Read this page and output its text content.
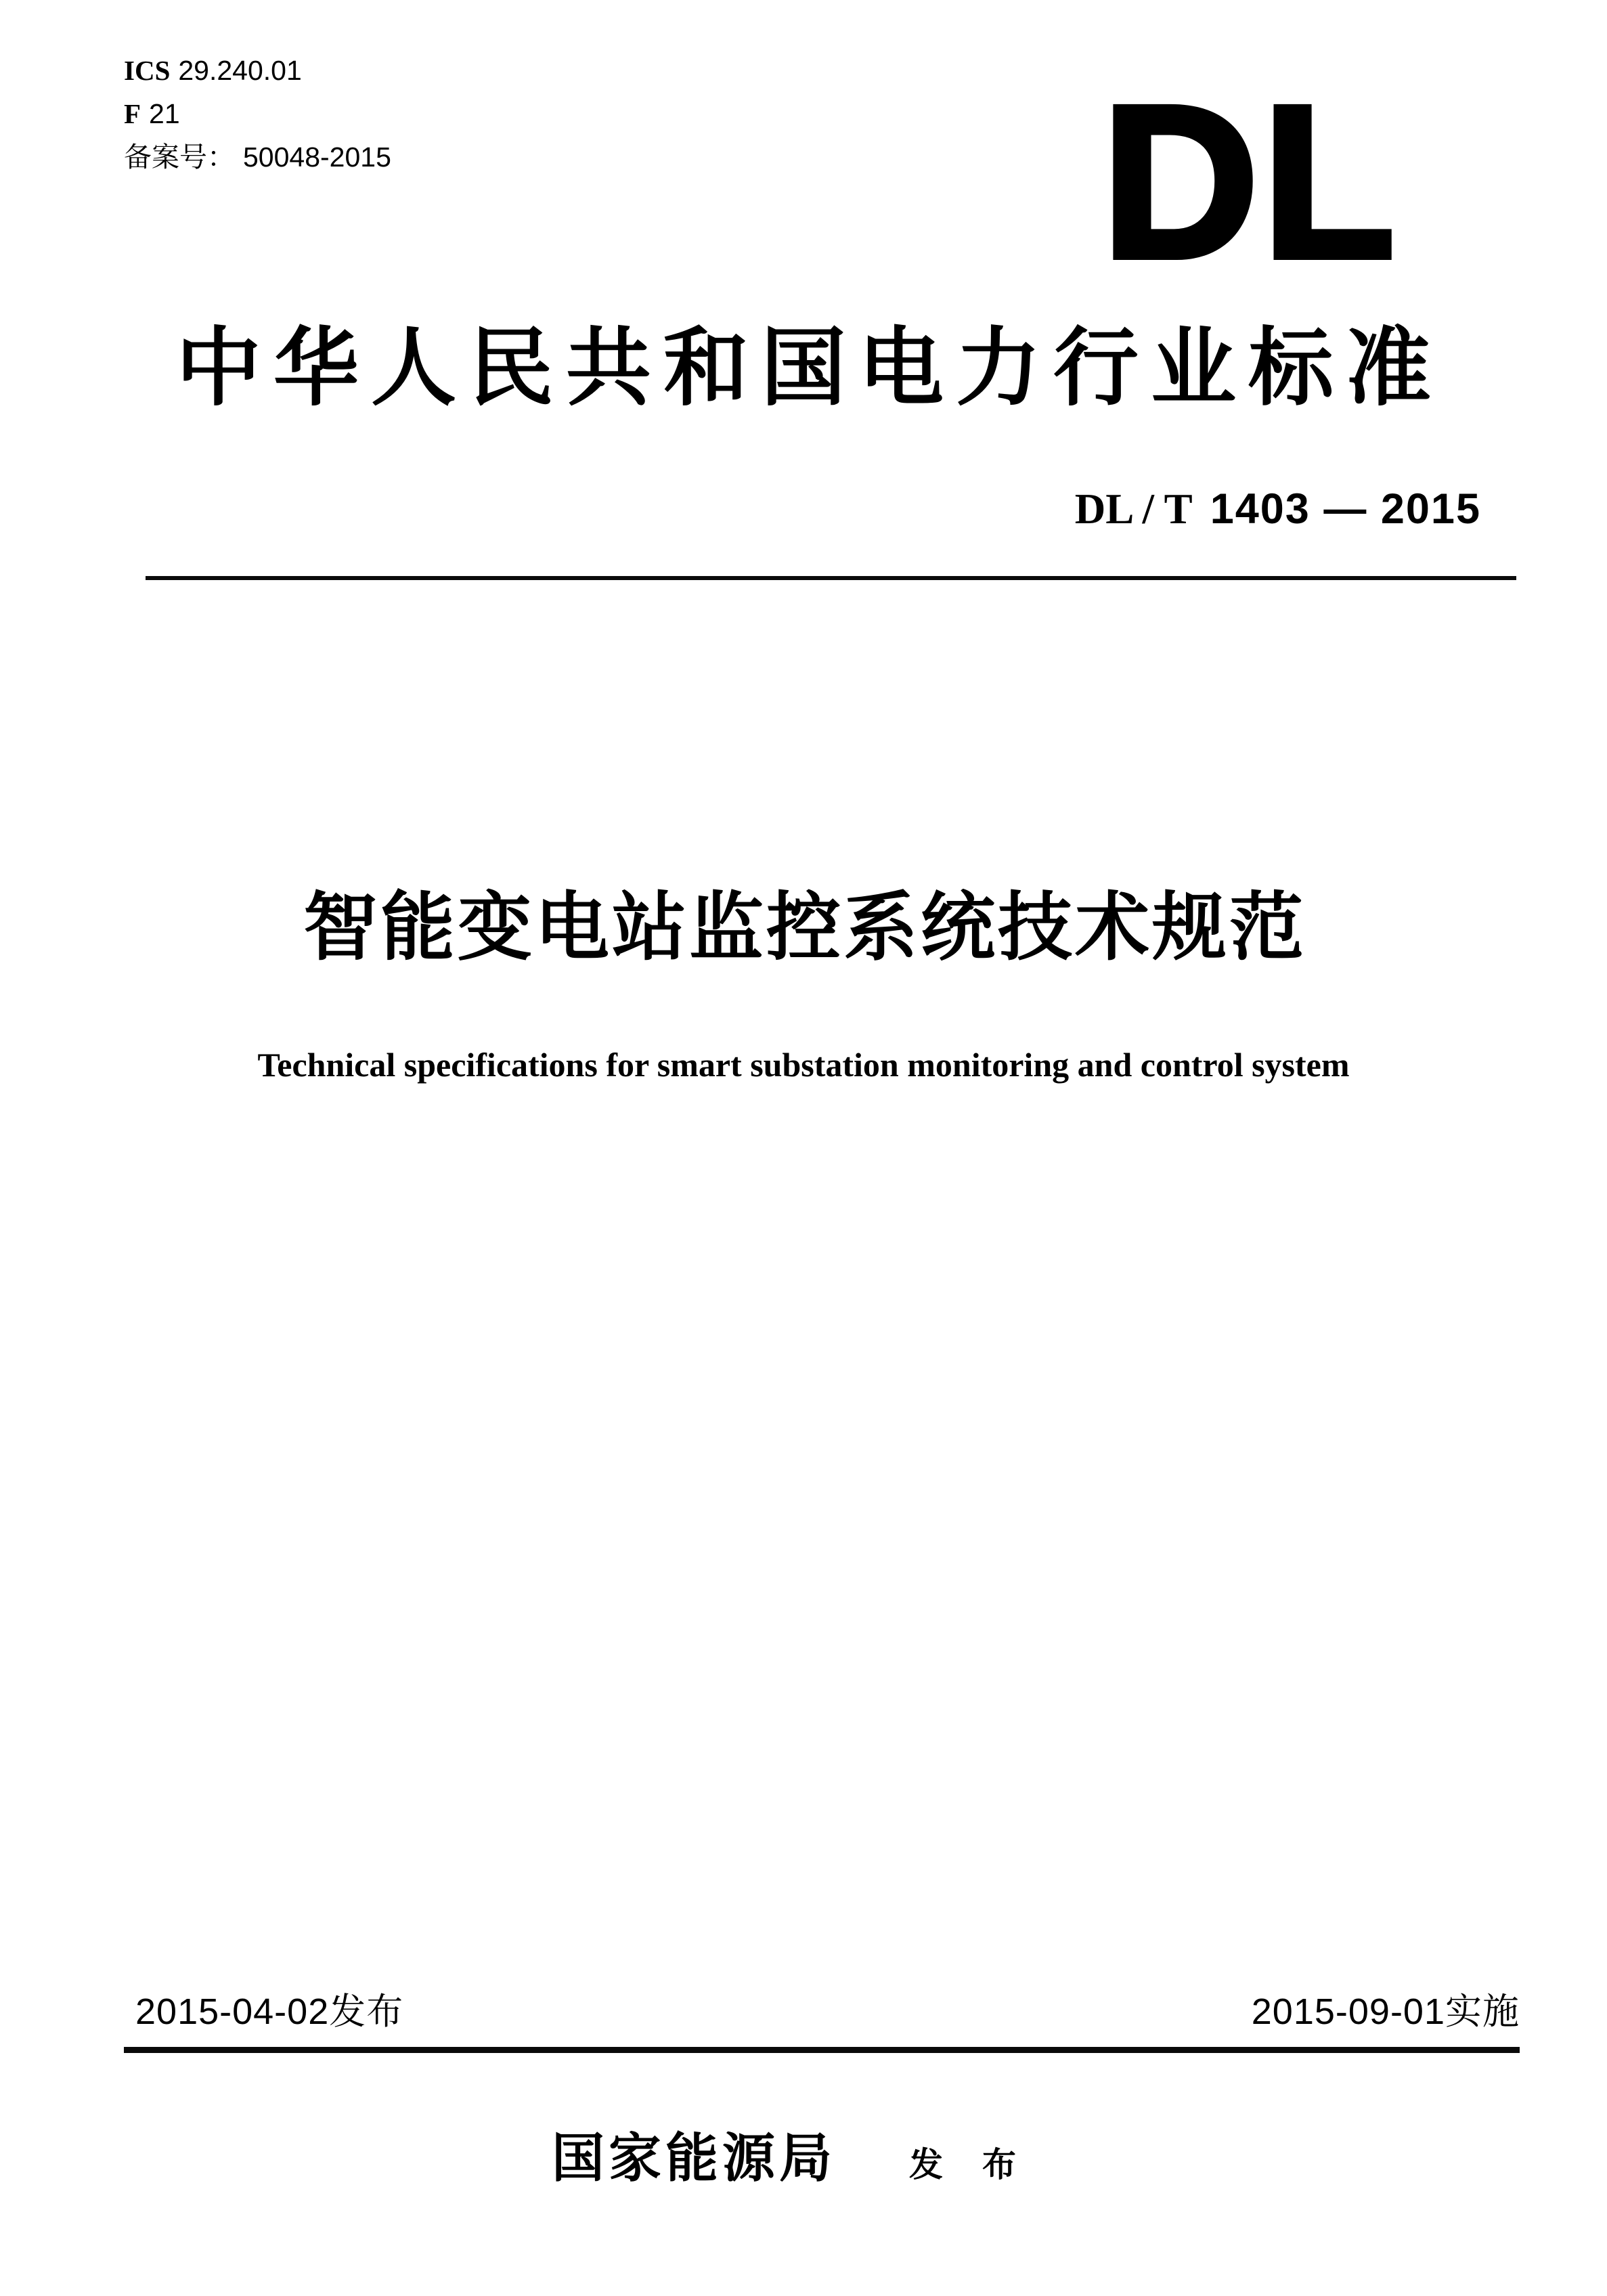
ICS 29.240.01
F 21
备案号： 50048-2015	DL
中华人民共和国电力行业标准
DL / T 1403 — 2015
智能变电站监控系统技术规范
Technical specifications for smart substation monitoring and control system
2015-04-02发布	2015-09-01实施
国家能源局 发布
